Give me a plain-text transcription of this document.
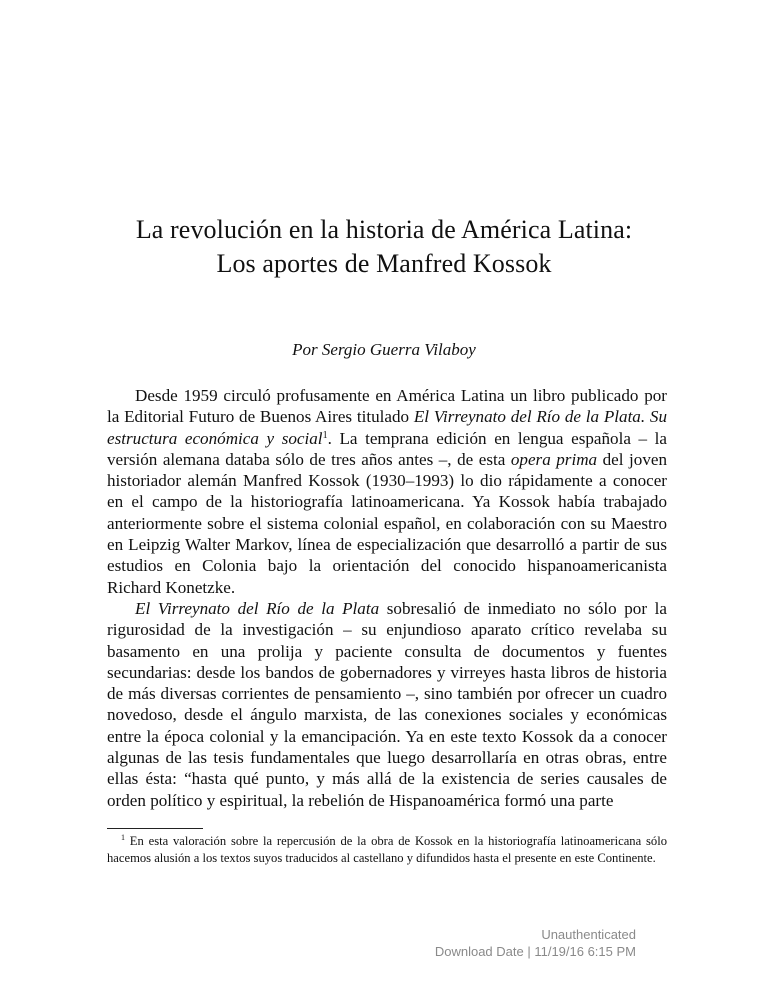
La revolución en la historia de América Latina:
Los aportes de Manfred Kossok
Por Sergio Guerra Vilaboy

Desde 1959 circuló profusamente en América Latina un libro publicado por la Editorial Futuro de Buenos Aires titulado El Virreynato del Río de la Plata. Su estructura económica y social$^1$. La temprana edición en lengua española – la versión alemana databa sólo de tres años antes –, de esta opera prima del joven historiador alemán Manfred Kossok (1930–1993) lo dio rápidamente a conocer en el campo de la historiografía latinoamericana. Ya Kossok había trabajado anteriormente sobre el sistema colonial español, en colaboración con su Maestro en Leipzig Walter Markov, línea de especialización que desarrolló a partir de sus estudios en Colonia bajo la orientación del conocido hispanoamericanista Richard Konetzke.

El Virreynato del Río de la Plata sobresalió de inmediato no sólo por la rigurosidad de la investigación – su enjundioso aparato crítico revelaba su basamento en una prolija y paciente consulta de documentos y fuentes secundarias: desde los bandos de gobernadores y virreyes hasta libros de historia de más diversas corrientes de pensamiento –, sino también por ofrecer un cuadro novedoso, desde el ángulo marxista, de las conexiones sociales y económicas entre la época colonial y la emancipación. Ya en este texto Kossok da a conocer algunas de las tesis fundamentales que luego desarrollaría en otras obras, entre ellas ésta: “hasta qué punto, y más allá de la existencia de series causales de orden político y espiritual, la rebelión de Hispanoamérica formó una parte

$^1$ En esta valoración sobre la repercusión de la obra de Kossok en la historiografía latinoamericana sólo hacemos alusión a los textos suyos traducidos al castellano y difundidos hasta el presente en este Continente.

Unauthenticated
Download Date | 11/19/16 6:15 PM
